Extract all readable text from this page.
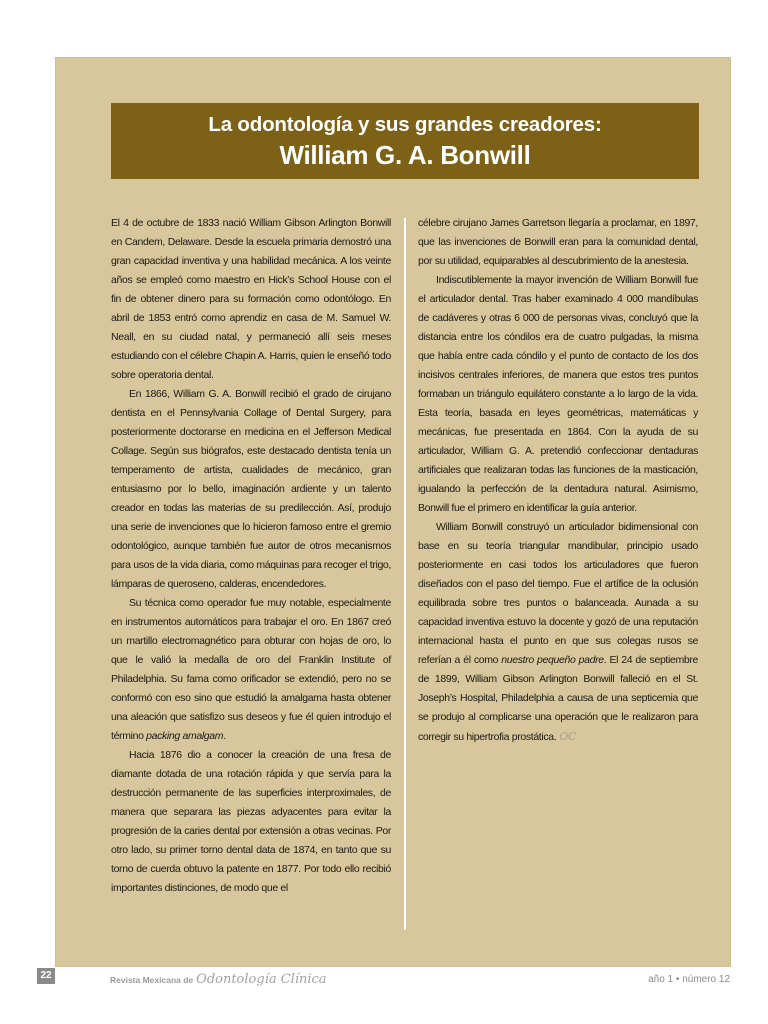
La odontología y sus grandes creadores:
William G. A. Bonwill

El 4 de octubre de 1833 nació William Gibson Arlington Bonwill en Candem, Delaware. Desde la escuela primaria demostró una gran capacidad inventiva y una habilidad mecánica. A los veinte años se empleó como maestro en Hick’s School House con el fin de obtener dinero para su formación como odontólogo. En abril de 1853 entró como aprendiz en casa de M. Samuel W. Neall, en su ciudad natal, y permaneció allí seis meses estudiando con el célebre Chapin A. Harris, quien le enseñó todo sobre operatoria dental.

En 1866, William G. A. Bonwill recibió el grado de cirujano dentista en el Pennsylvania Collage of Dental Surgery, para posteriormente doctorarse en medicina en el Jefferson Medical Collage. Según sus biógrafos, este destacado dentista tenía un temperamento de artista, cualidades de mecánico, gran entusiasmo por lo bello, imaginación ardiente y un talento creador en todas las materias de su predilección. Así, produjo una serie de invenciones que lo hicieron famoso entre el gremio odontológico, aunque también fue autor de otros mecanismos para usos de la vida diaria, como máquinas para recoger el trigo, lámparas de queroseno, calderas, encendedores.

Su técnica como operador fue muy notable, especialmente en instrumentos automáticos para trabajar el oro. En 1867 creó un martillo electromagnético para obturar con hojas de oro, lo que le valió la medalla de oro del Franklin Institute of Philadelphia. Su fama como orificador se extendió, pero no se conformó con eso sino que estudió la amalgama hasta obtener una aleación que satisfizo sus deseos y fue él quien introdujo el término packing amalgam.

Hacia 1876 dio a conocer la creación de una fresa de diamante dotada de una rotación rápida y que servía para la destrucción permanente de las superficies interproximales, de manera que separara las piezas adyacentes para evitar la progresión de la caries dental por extensión a otras vecinas. Por otro lado, su primer torno dental data de 1874, en tanto que su torno de cuerda obtuvo la patente en 1877. Por todo ello recibió importantes distinciones, de modo que el

célebre cirujano James Garretson llegaría a proclamar, en 1897, que las invenciones de Bonwill eran para la comunidad dental, por su utilidad, equiparables al descubrimiento de la anestesia.

Indiscutiblemente la mayor invención de William Bonwill fue el articulador dental. Tras haber examinado 4 000 mandíbulas de cadáveres y otras 6 000 de personas vivas, concluyó que la distancia entre los cóndilos era de cuatro pulgadas, la misma que había entre cada cóndilo y el punto de contacto de los dos incisivos centrales inferiores, de manera que estos tres puntos formaban un triángulo equilátero constante a lo largo de la vida. Esta teoría, basada en leyes geométricas, matemáticas y mecánicas, fue presentada en 1864. Con la ayuda de su articulador, William G. A. pretendió confeccionar dentaduras artificiales que realizaran todas las funciones de la masticación, igualando la perfección de la dentadura natural. Asimismo, Bonwill fue el primero en identificar la guía anterior.

William Bonwill construyó un articulador bidimensional con base en su teoría triangular mandibular, principio usado posteriormente en casi todos los articuladores que fueron diseñados con el paso del tiempo. Fue el artífice de la oclusión equilibrada sobre tres puntos o balanceada. Aunada a su capacidad inventiva estuvo la docente y gozó de una reputación internacional hasta el punto en que sus colegas rusos se referían a él como nuestro pequeño padre. El 24 de septiembre de 1899, William Gibson Arlington Bonwill falleció en el St. Joseph’s Hospital, Philadelphia a causa de una septicemia que se produjo al complicarse una operación que le realizaron para corregir su hipertrofia prostática. OC

22	Revista Mexicana de Odontología Clínica	año 1 • número 12
